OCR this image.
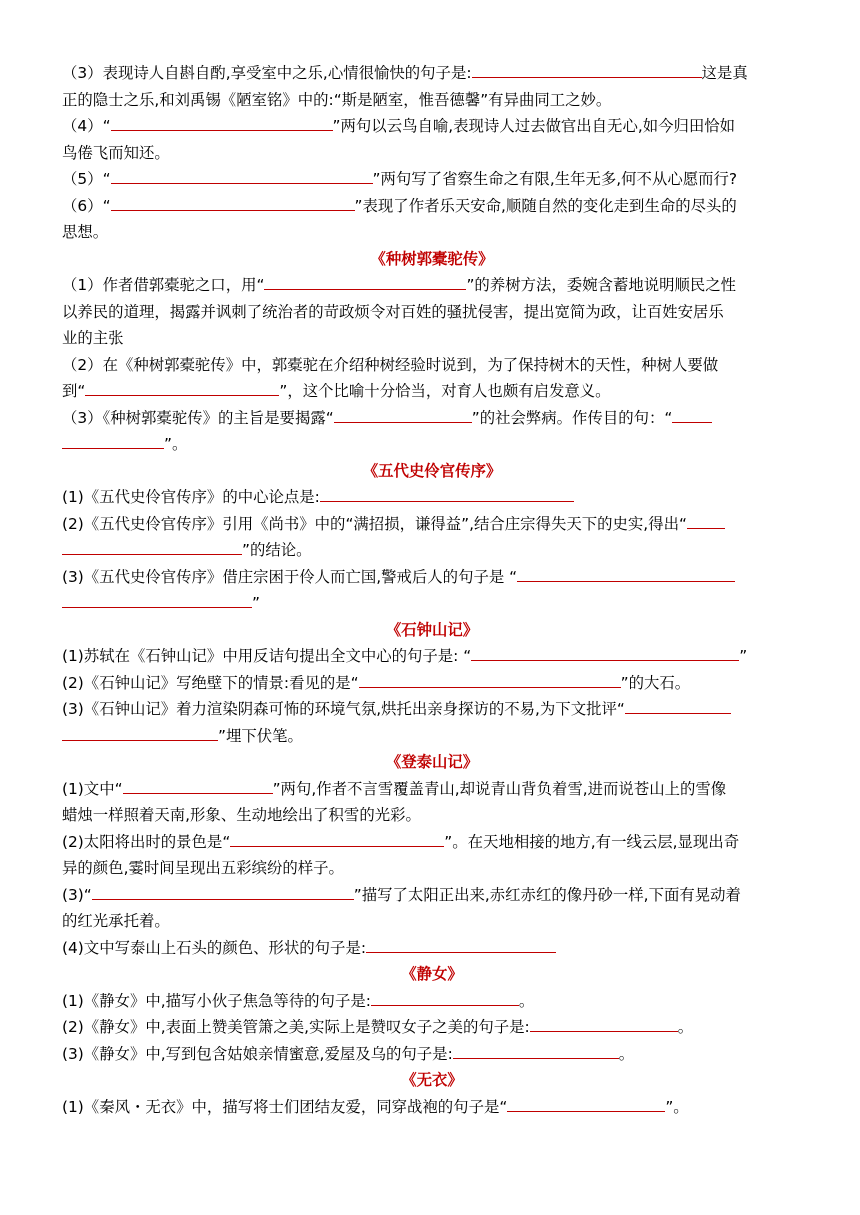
（3）表现诗人自斟自酌,享受室中之乐,心情很愉快的句子是:	这是真
正的隐士之乐,和刘禹锡《陋室铭》中的:“斯是陋室，惟吾德馨”有异曲同工之妙。
（4）“	”两句以云鸟自喻,表现诗人过去做官出自无心,如今归田恰如
鸟倦飞而知还。
（5）“	”两句写了省察生命之有限,生年无多,何不从心愿而行?
（6）“	”表现了作者乐天安命,顺随自然的变化走到生命的尽头的
思想。
《种树郭橐驼传》
（1）作者借郭橐驼之口，用“	”的养树方法，委婉含蓄地说明顺民之性
以养民的道理，揭露并讽刺了统治者的苛政烦令对百姓的骚扰侵害，提出宽简为政，让百姓安居乐
业的主张
（2）在《种树郭橐驼传》中，郭橐驼在介绍种树经验时说到，为了保持树木的天性，种树人要做
到“	”，这个比喻十分恰当，对育人也颇有启发意义。
（3）《种树郭橐驼传》的主旨是要揭露“	”的社会弊病。作传目的句：“
”。
《五代史伶官传序》
(1)《五代史伶官传序》的中心论点是:
(2)《五代史伶官传序》引用《尚书》中的“满招损，谦得益”,结合庄宗得失天下的史实,得出“
”的结论。
(3)《五代史伶官传序》借庄宗困于伶人而亡国,警戒后人的句子是 “
”
《石钟山记》
(1)苏轼在《石钟山记》中用反诘句提出全文中心的句子是: “	”
(2)《石钟山记》写绝壁下的情景:看见的是“	”的大石。
(3)《石钟山记》着力渲染阴森可怖的环境气氛,烘托出亲身探访的不易,为下文批评“
”埋下伏笔。
《登泰山记》
(1)文中“	”两句,作者不言雪覆盖青山,却说青山背负着雪,进而说苍山上的雪像
蜡烛一样照着天南,形象、生动地绘出了积雪的光彩。
(2)太阳将出时的景色是“	”。在天地相接的地方,有一线云层,显现出奇
异的颜色,霎时间呈现出五彩缤纷的样子。
(3)“	”描写了太阳正出来,赤红赤红的像丹砂一样,下面有晃动着
的红光承托着。
(4)文中写泰山上石头的颜色、形状的句子是:
《静女》
(1)《静女》中,描写小伙子焦急等待的句子是:	。
(2)《静女》中,表面上赞美管箫之美,实际上是赞叹女子之美的句子是:	。
(3)《静女》中,写到包含姑娘亲情蜜意,爱屋及乌的句子是:	。
《无衣》
(1)《秦风・无衣》中，描写将士们团结友爱，同穿战袍的句子是“	”。
